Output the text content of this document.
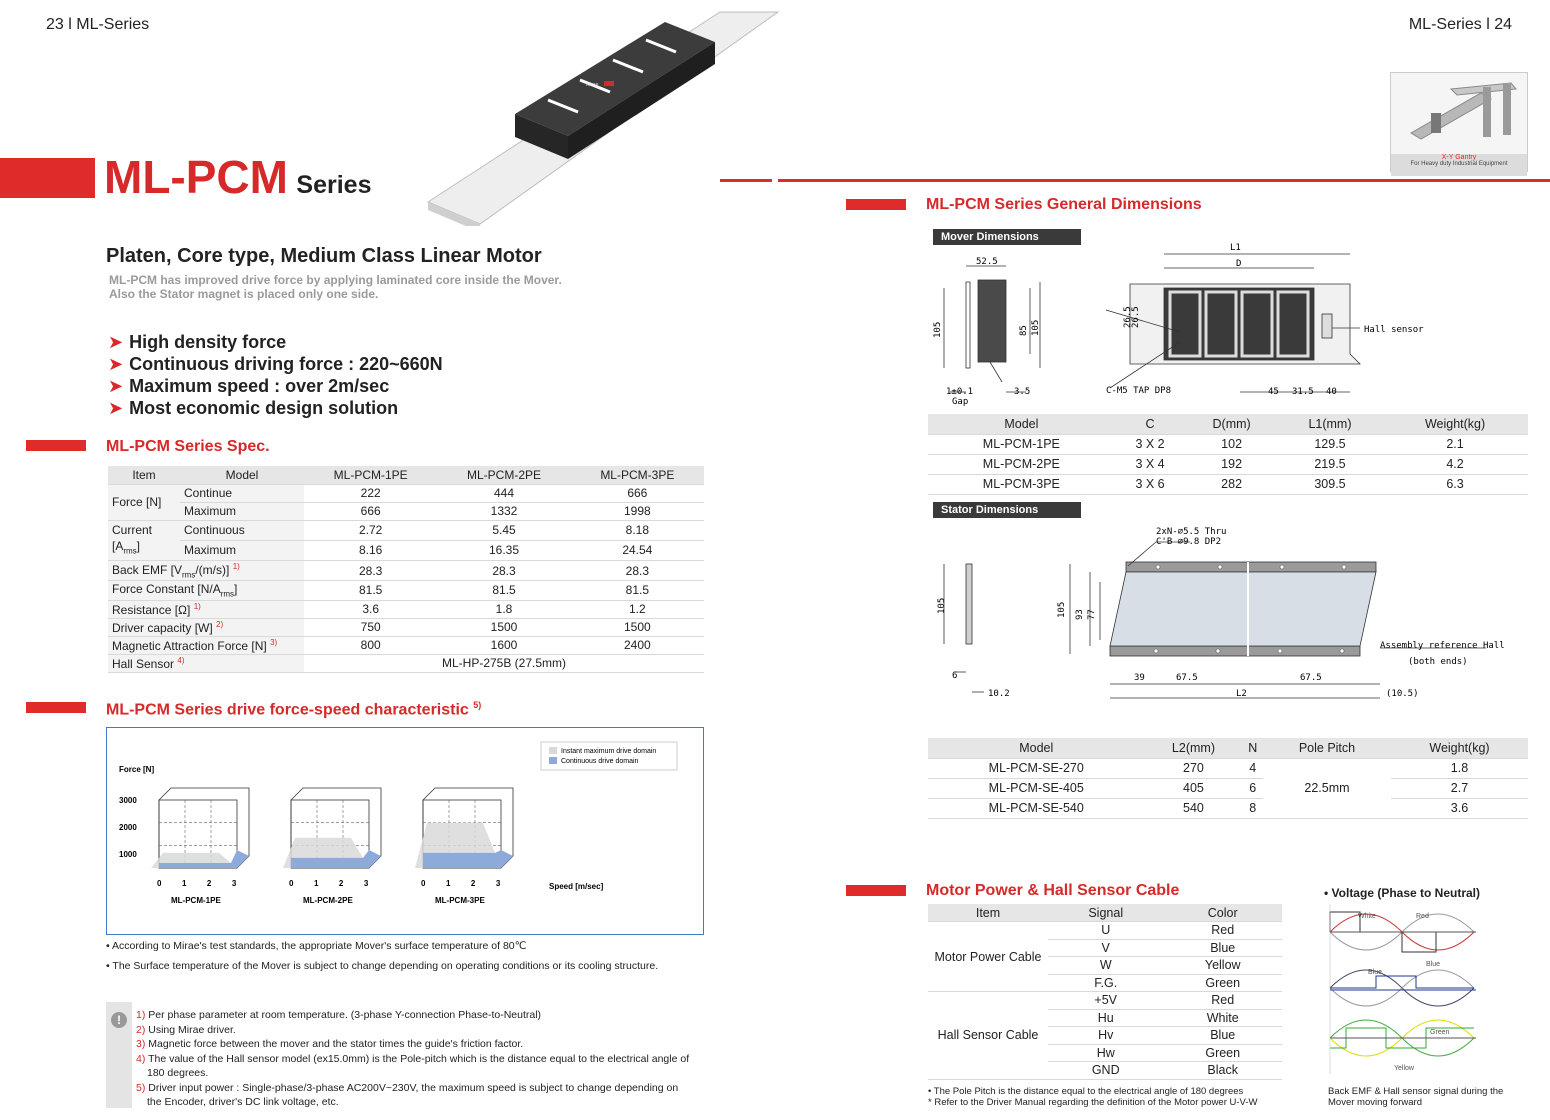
23 l ML-Series	ML-Series l 24
Mirae
ML-PCM Series
Platen, Core type, Medium Class Linear Motor
ML-PCM has improved drive force by applying laminated core inside the Mover.
Also the Stator magnet is placed only one side.
➤ High density force
➤ Continuous driving force : 220~660N
➤ Maximum speed : over 2m/sec
➤ Most economic design solution
ML-PCM Series Spec.
Item	Model	ML-PCM-1PE	ML-PCM-2PE	ML-PCM-3PE
Force [N]	Continue	222	444	666
	Maximum	666	1332	1998
Current
$[A_{rms}]$	Continuous	2.72	5.45	8.18
	Maximum	8.16	16.35	24.54
Back EMF $[V_{rms}/(m/s)]$ $^{1)}$		28.3	28.3	28.3
Force Constant $[N/A_{rms}]$		81.5	81.5	81.5
Resistance [Ω] $^{1)}$		3.6	1.8	1.2
Driver capacity [W] $^{2)}$		750	1500	1500
Magnetic Attraction Force [N] $^{3)}$		800	1600	2400
Hall Sensor $^{4)}$		ML-HP-275B (27.5mm)		
ML-PCM Series drive force-speed characteristic $^{5)}$
Instant maximum drive domain
Continuous drive domain
Force [N]
Speed [m/sec]
3000
2000
1000
0	1	2	3
ML-PCM-1PE
0	1	2	3
ML-PCM-2PE
0	1	2	3
ML-PCM-3PE
• According to Mirae's test standards, the appropriate Mover's surface temperature of 80℃
• The Surface temperature of the Mover is subject to change depending on operating conditions or its cooling structure.
!	1) Per phase parameter at room temperature. (3-phase Y-connection Phase-to-Neutral)
2) Using Mirae driver.
3) Magnetic force between the mover and the stator times the guide's friction factor.
4) The value of the Hall sensor model (ex15.0mm) is the Pole-pitch which is the distance equal to the electrical angle of
180 degrees.
5) Driver input power : Single-phase/3-phase AC200V~230V, the maximum speed is subject to change depending on
the Encoder, driver's DC link voltage, etc.
X-Y Gantry
For Heavy duty Industrial Equipment
ML-PCM Series General Dimensions
Mover Dimensions
52.5
105	85 105
1±0.1
Gap
3.5
L1
D
C-M5 TAP DP8
26.5
26.5
45 31.5 40
Hall sensor
Model	C	D(mm)	L1(mm)	Weight(kg)
ML-PCM-1PE	3 X 2	102	129.5	2.1
ML-PCM-2PE	3 X 4	192	219.5	4.2
ML-PCM-3PE	3 X 6	282	309.5	6.3
Stator Dimensions
2xN-∅5.5 Thru
C'B ∅9.8 DP2
105	105 93 77
6
10.2
39	67.5	67.5
L2	(10.5)
Assembly reference Hall
(both ends)
Model	L2(mm)	N	Pole Pitch	Weight(kg)
ML-PCM-SE-270	270	4	22.5mm	1.8
ML-PCM-SE-405	405	6		2.7
ML-PCM-SE-540	540	8		3.6
Motor Power & Hall Sensor Cable
Item	Signal	Color
Motor Power Cable	U	Red
	V	Blue
	W	Yellow
	F.G.	Green
Hall Sensor Cable	+5V	Red
	Hu	White
	Hv	Blue
	Hw	Green
	GND	Black
• The Pole Pitch is the distance equal to the electrical angle of 180 degrees
* Refer to the Driver Manual regarding the definition of the Motor power U-V-W
• Voltage (Phase to Neutral)
White	Red
Blue
Blue
Green
Yellow
Back EMF & Hall sensor signal during the
Mover moving forward
